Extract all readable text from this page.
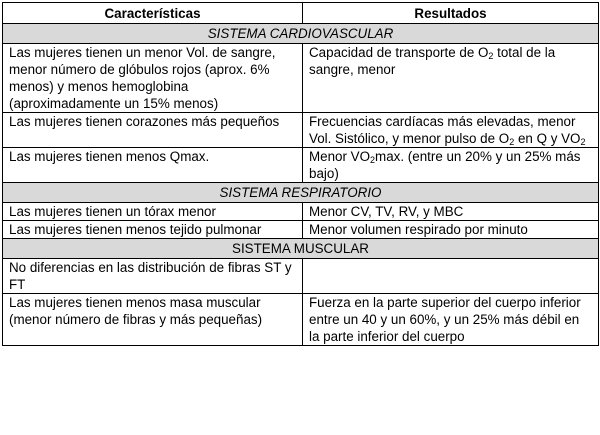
Características	Resultados
SISTEMA CARDIOVASCULAR	
Las mujeres tienen un menor Vol. de sangre, menor número de glóbulos rojos (aprox. 6% menos) y menos hemoglobina (aproximadamente un 15% menos)	Capacidad de transporte de $O_2$ total de la sangre, menor
Las mujeres tienen corazones más pequeños	Frecuencias cardíacas más elevadas, menor Vol. Sistólico, y menor pulso de $O_2$ en Q y $VO_2$
Las mujeres tienen menos Qmax.	Menor $VO_2\max$. (entre un 20% y un 25% más bajo)
SISTEMA RESPIRATORIO	
Las mujeres tienen un tórax menor	Menor CV, TV, RV, y MBC
Las mujeres tienen menos tejido pulmonar	Menor volumen respirado por minuto
SISTEMA MUSCULAR	
No diferencias en las distribución de fibras ST y FT	
Las mujeres tienen menos masa muscular (menor número de fibras y más pequeñas)	Fuerza en la parte superior del cuerpo inferior entre un 40 y un 60%, y un 25% más débil en la parte inferior del cuerpo
